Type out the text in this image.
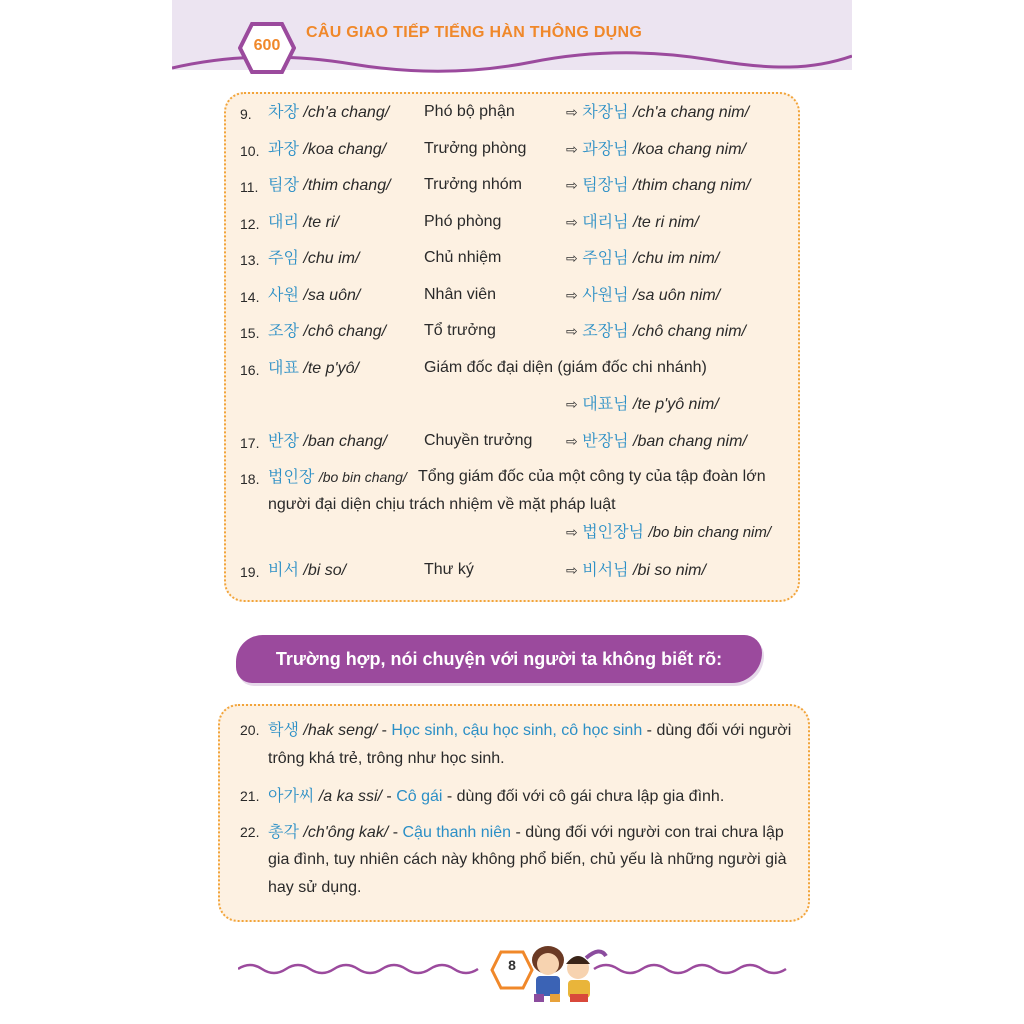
600
CÂU GIAO TIẾP TIẾNG HÀN THÔNG DỤNG
9. 차장 /ch'a chang/ Phó bộ phận	⇨ 차장님 /ch'a chang nim/
10. 과장 /koa chang/ Trưởng phòng	⇨ 과장님 /koa chang nim/
11. 팀장 /thim chang/ Trưởng nhóm	⇨ 팀장님 /thim chang nim/
12. 대리 /te ri/	Phó phòng	⇨ 대리님 /te ri nim/
13. 주임 /chu im/	Chủ nhiệm	⇨ 주임님 /chu im nim/
14. 사원 /sa uôn/	Nhân viên	⇨ 사원님 /sa uôn nim/
15. 조장 /chô chang/ Tổ trưởng	⇨ 조장님 /chô chang nim/
16. 대표 /te p'yô/	Giám đốc đại diện (giám đốc chi nhánh)
⇨ 대표님 /te p'yô nim/
17. 반장 /ban chang/ Chuyền trưởng ⇨ 반장님 /ban chang nim/
18. 법인장 /bo bin chang/ Tổng giám đốc của một công ty của tập đoàn lớn
người đại diện chịu trách nhiệm về mặt pháp luật
⇨ 법인장님 /bo bin chang nim/
19. 비서 /bi so/	Thư ký	⇨ 비서님 /bi so nim/
Trường hợp, nói chuyện với người ta không biết rõ:
20. 학생 /hak seng/ - Học sinh, cậu học sinh, cô học sinh - dùng đối với người
trông khá trẻ, trông như học sinh.
21. 아가씨 /a ka ssi/ - Cô gái - dùng đối với cô gái chưa lập gia đình.
22. 총각 /ch'ông kak/ - Cậu thanh niên - dùng đối với người con trai chưa lập
gia đình, tuy nhiên cách này không phổ biến, chủ yếu là những người già
hay sử dụng.
8
